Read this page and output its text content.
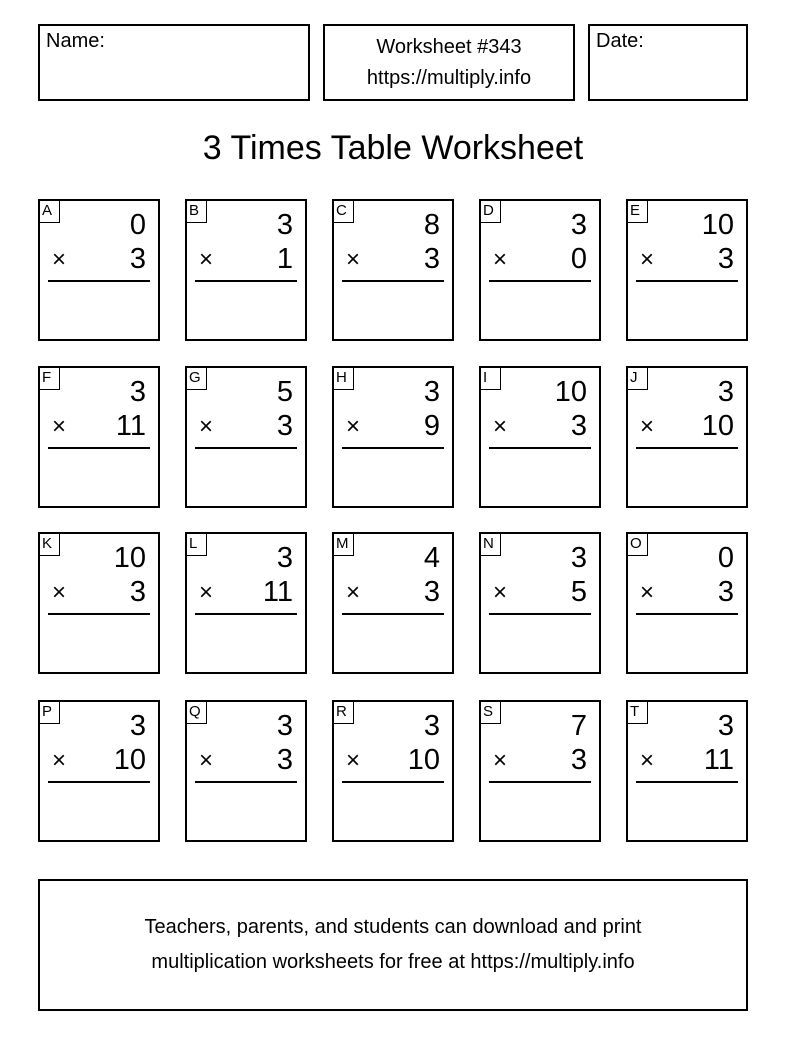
Name:	Worksheet #343
https://multiply.info
Date:
3 Times Table Worksheet
A	0
× 3
B	3
× 1
C	8
× 3
D	3
× 0
E 10
× 3
F	3
× 11
G	5
× 3
H	3
× 9
I	10
× 3
J	3
× 10
K 10
× 3
L	3
× 11
M	4
× 3
N	3
× 5
O	0
× 3
P	3
× 10
Q	3
× 3
R	3
× 10
S	7
× 3
T	3
× 11
Teachers, parents, and students can download and print
multiplication worksheets for free at https://multiply.info
